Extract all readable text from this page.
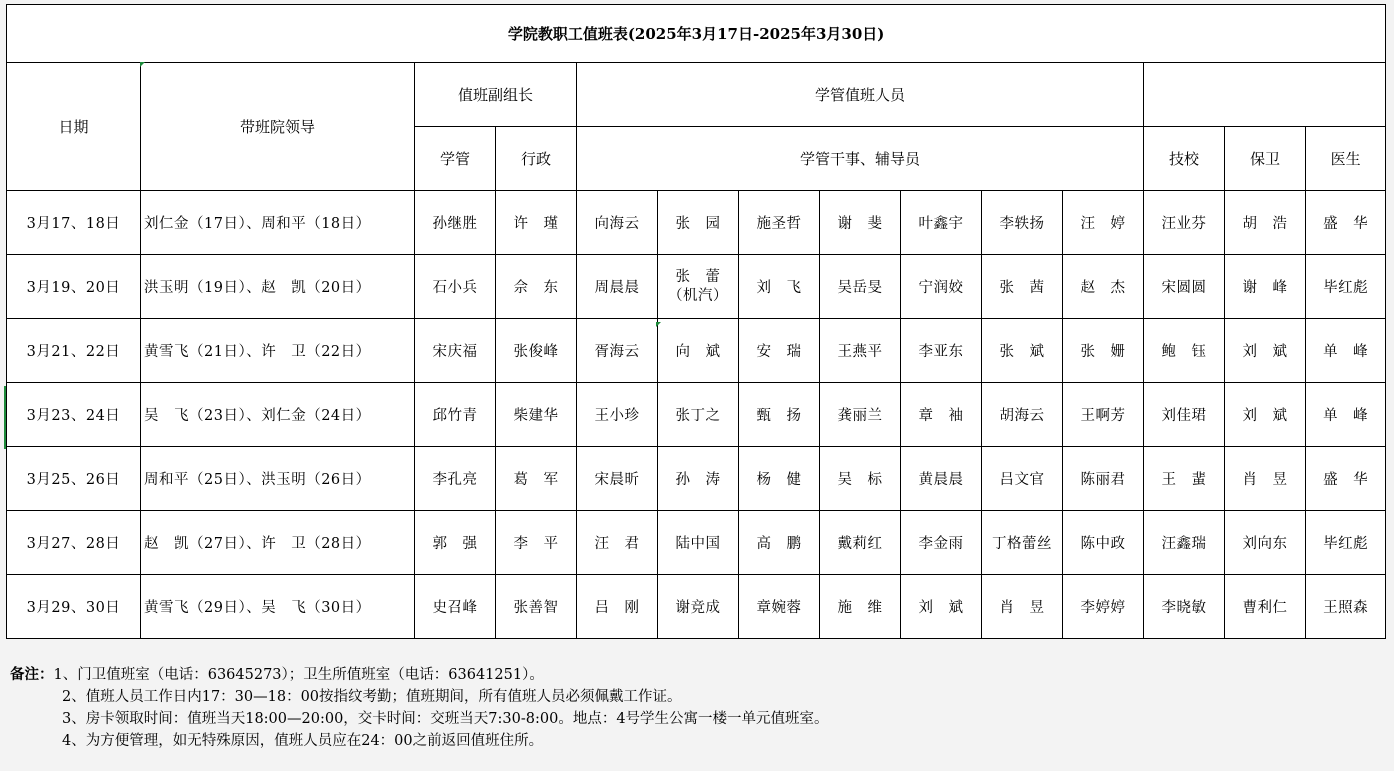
学院教职工值班表(2025年3月17日-2025年3月30日)													
日期	带班院领导	值班副组长		学管值班人员									
		学管	行政	学管干事、辅导员							技校	保卫	医生
3月17、18日	刘仁金（17日）、周和平（18日）	孙继胜	许　瑾	向海云	张　园	施圣哲	谢　斐	叶鑫宇	李轶扬	汪　婷	汪业芬	胡　浩	盛　华
3月19、20日	洪玉明（19日）、赵　凯（20日）	石小兵	佘　东	周晨晨	张　蕾
（机汽）	刘　飞	吴岳旻	宁润姣	张　茜	赵　杰	宋圆圆	谢　峰	毕红彪
3月21、22日	黄雪飞（21日）、许　卫（22日）	宋庆福	张俊峰	胥海云	向　斌	安　瑞	王燕平	李亚东	张　斌	张　姗	鲍　钰	刘　斌	单　峰
3月23、24日	吴　飞（23日）、刘仁金（24日）	邱竹青	柴建华	王小珍	张丁之	甄　扬	龚丽兰	章　袖	胡海云	王啊芳	刘佳珺	刘　斌	单　峰
3月25、26日	周和平（25日）、洪玉明（26日）	李孔亮	葛　军	宋晨昕	孙　涛	杨　健	吴　标	黄晨晨	吕文官	陈丽君	王　蜚	肖　昱	盛　华
3月27、28日	赵　凯（27日）、许　卫（28日）	郭　强	李　平	汪　君	陆中国	高　鹏	戴莉红	李金雨	丁格蕾丝	陈中政	汪鑫瑞	刘向东	毕红彪
3月29、30日	黄雪飞（29日）、吴　飞（30日）	史召峰	张善智	吕　刚	谢竞成	章婉蓉	施　维	刘　斌	肖　昱	李婷婷	李晓敏	曹利仁	王照森
备注：1、门卫值班室（电话：63645273）；卫生所值班室（电话：63641251）。
2、值班人员工作日内17：30—18：00按指纹考勤；值班期间，所有值班人员必须佩戴工作证。
3、房卡领取时间：值班当天18:00—20:00，交卡时间：交班当天7:30-8:00。地点：4号学生公寓一楼一单元值班室。
4、为方便管理，如无特殊原因，值班人员应在24：00之前返回值班住所。
